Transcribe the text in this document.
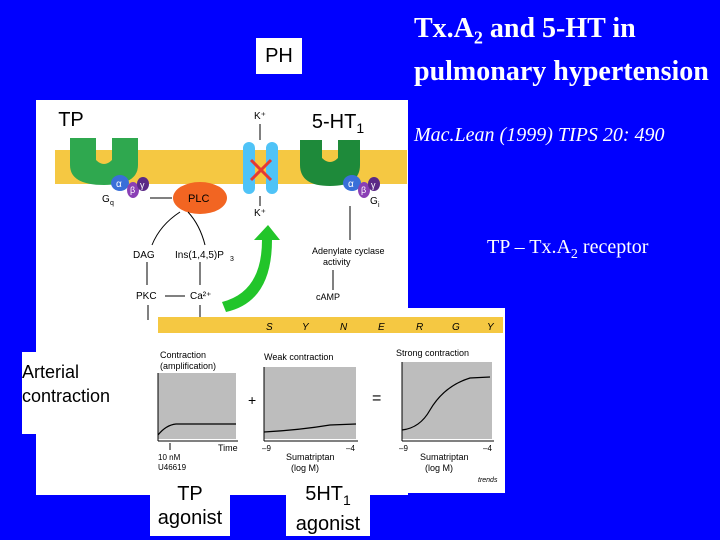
$Tx.A_2$ and 5-HT in pulmonary hypertension
Mac.Lean (1999) TIPS 20: 490
TP – $Tx.A_2$ receptor
α β γ
G q
α β γ
G i
K⁺
K⁺
PLC
DAG Ins(1,4,5)P 3
PKC	Ca²⁺
Adenylate cyclase
activity
cAMP
S	Y	N	E	R	G	Y
Contraction
(amplification)
Time
10 nM
U46619
+
Weak contraction
–9	–4
Sumatriptan
(log M)
=
Strong contraction
–9	–4
Sumatriptan
(log M)
trends
PH
TP	$5-HT_1$
Arterial contraction
TP agonist
$5HT_1$
agonist
